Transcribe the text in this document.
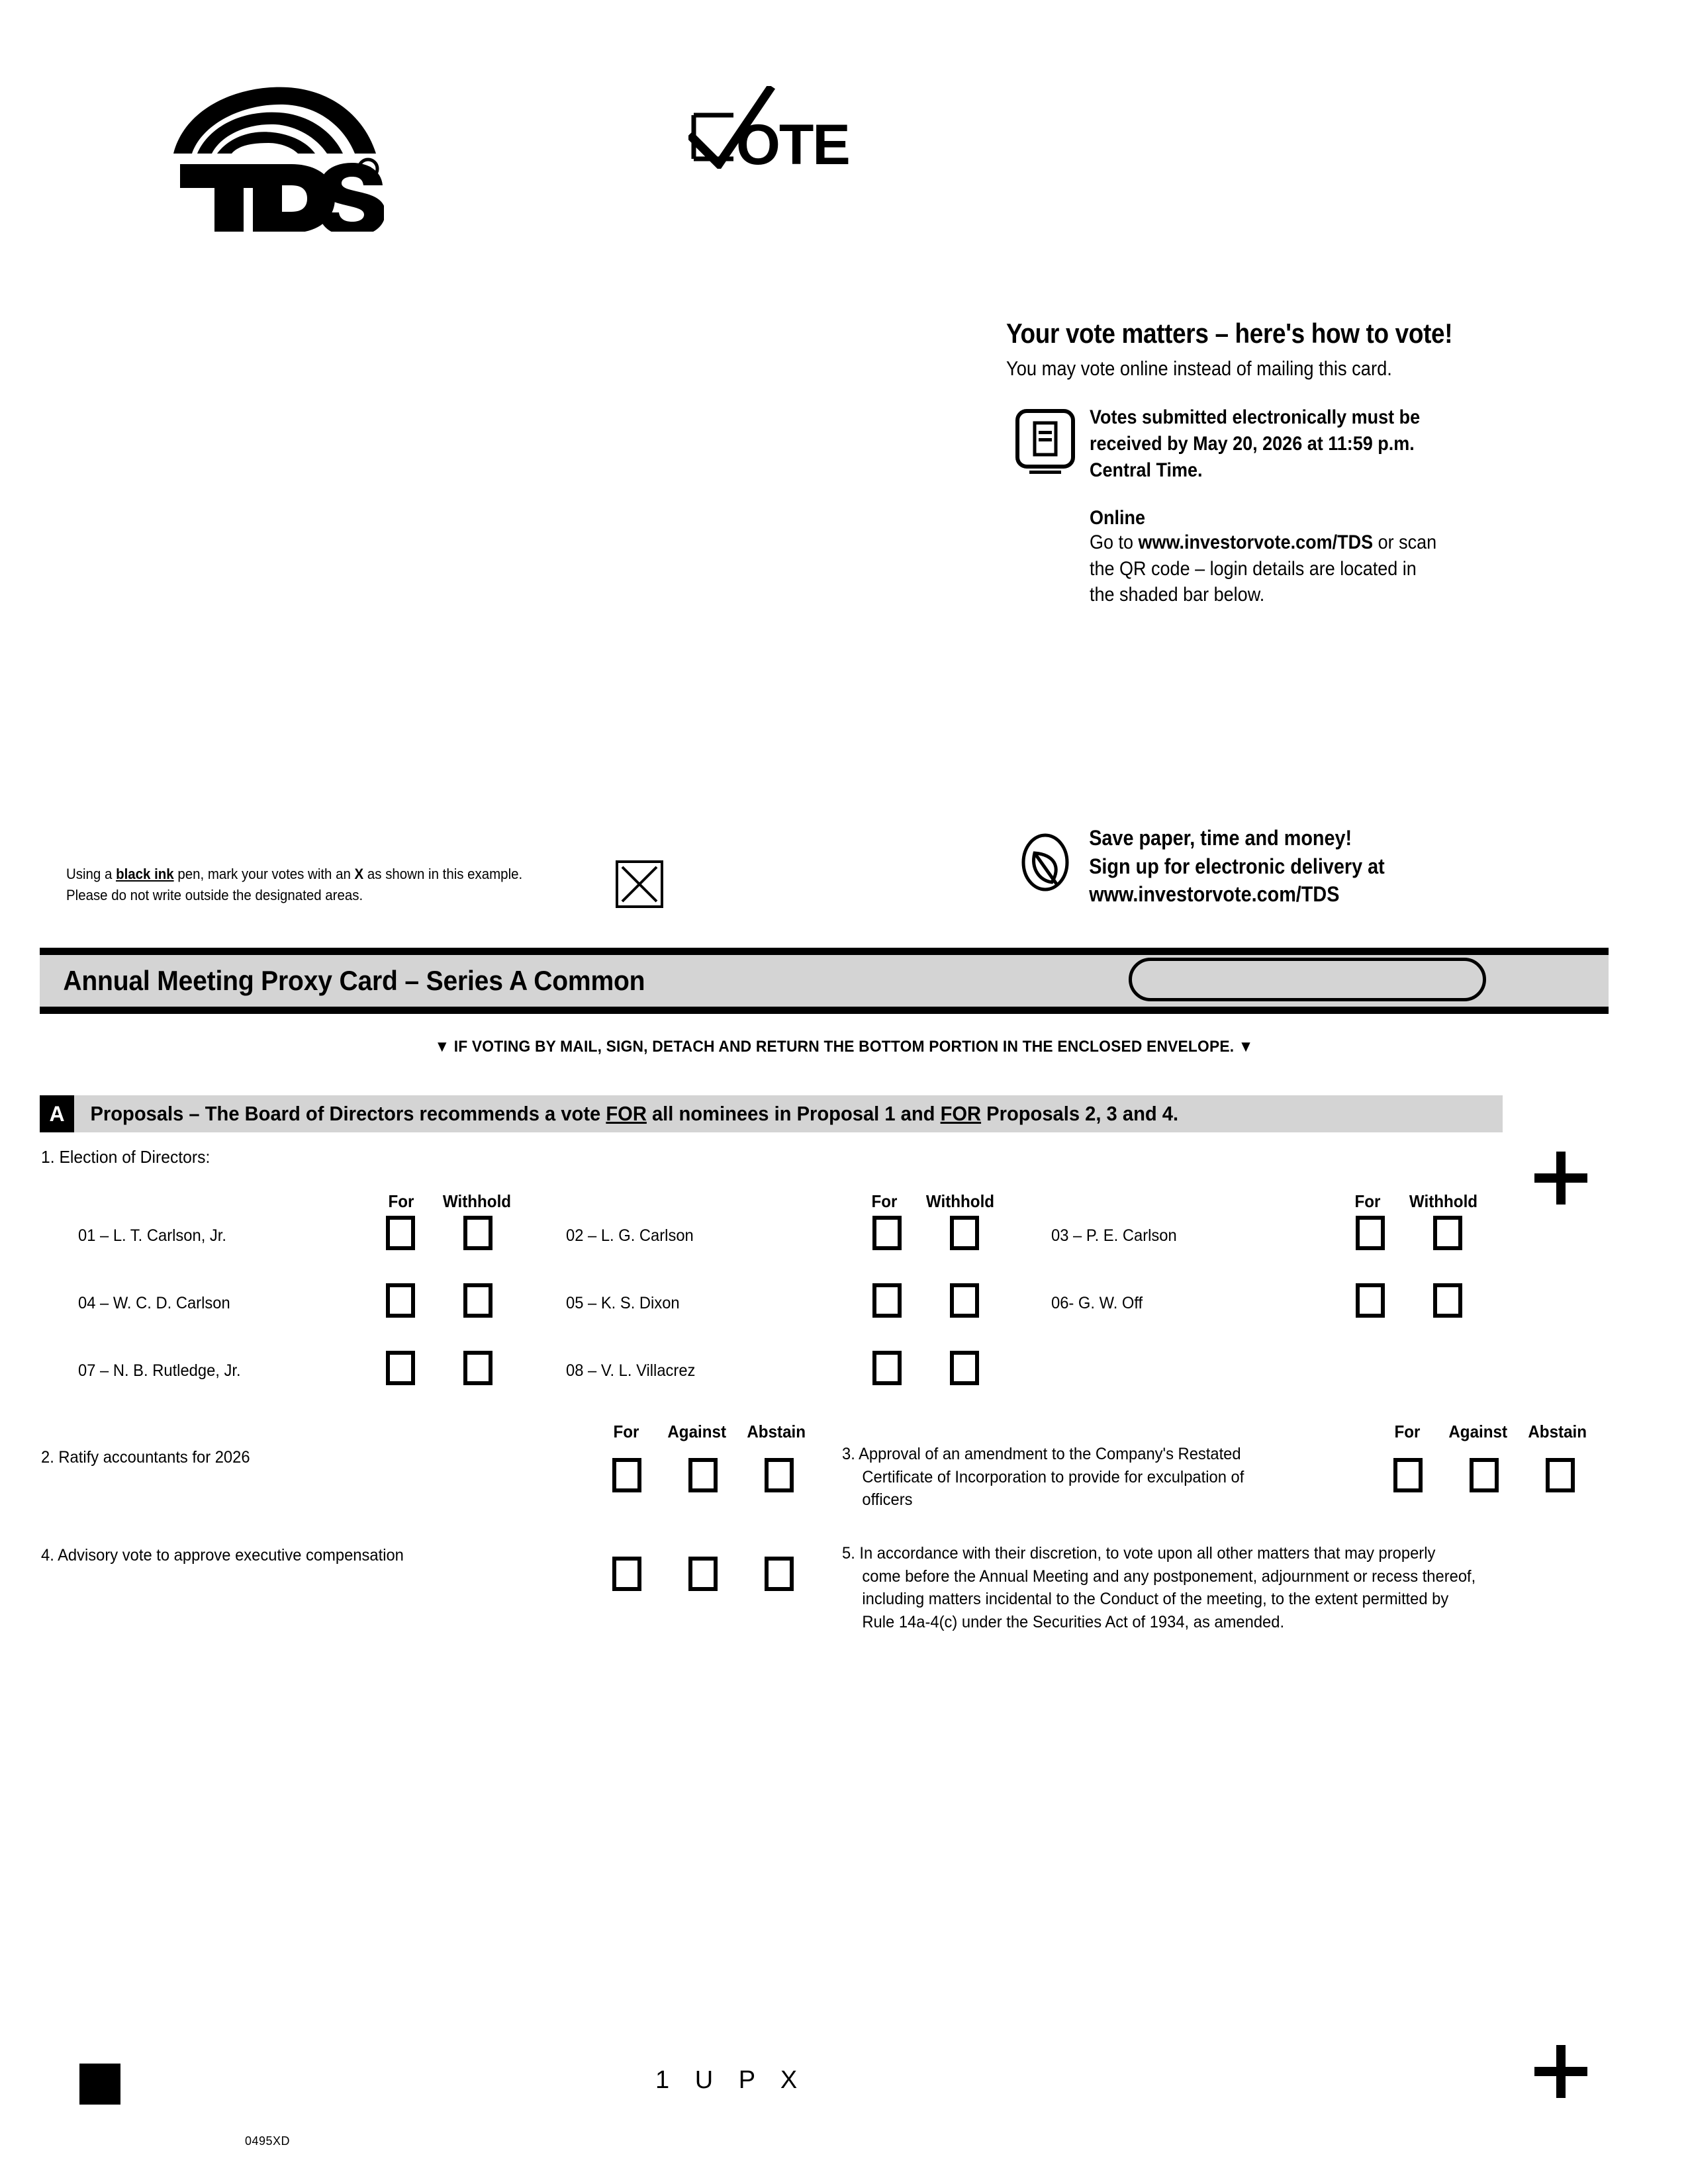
R	OTE
Your vote matters – here's how to vote!
You may vote online instead of mailing this card.
Votes submitted electronically must be
received by May 20, 2026 at 11:59 p.m.
Central Time.
Online
Go to www.investorvote.com/TDS or scan
the QR code – login details are located in
the shaded bar below.
Save paper, time and money!
Sign up for electronic delivery at
www.investorvote.com/TDS
Using a black ink pen, mark your votes with an X as shown in this example.
Please do not write outside the designated areas.
Annual Meeting Proxy Card – Series A Common
▼ IF VOTING BY MAIL, SIGN, DETACH AND RETURN THE BOTTOM PORTION IN THE ENCLOSED ENVELOPE. ▼
A	Proposals – The Board of Directors recommends a vote FOR all nominees in Proposal 1 and FOR Proposals 2, 3 and 4.
1. Election of Directors:
For Withhold	For Withhold	For Withhold
01 – L. T. Carlson, Jr.	02 – L. G. Carlson	03 – P. E. Carlson
04 – W. C. D. Carlson	05 – K. S. Dixon	06- G. W. Off
07 – N. B. Rutledge, Jr.	08 – V. L. Villacrez
For Against Abstain
2. Ratify accountants for 2026
For Against Abstain
3. Approval of an amendment to the Company's Restated
Certificate of Incorporation to provide for exculpation of
officers
4. Advisory vote to approve executive compensation	5. In accordance with their discretion, to vote upon all other matters that may properly
come before the Annual Meeting and any postponement, adjournment or recess thereof,
including matters incidental to the Conduct of the meeting, to the extent permitted by
Rule 14a-4(c) under the Securities Act of 1934, as amended.
1 U P X
0495XD
